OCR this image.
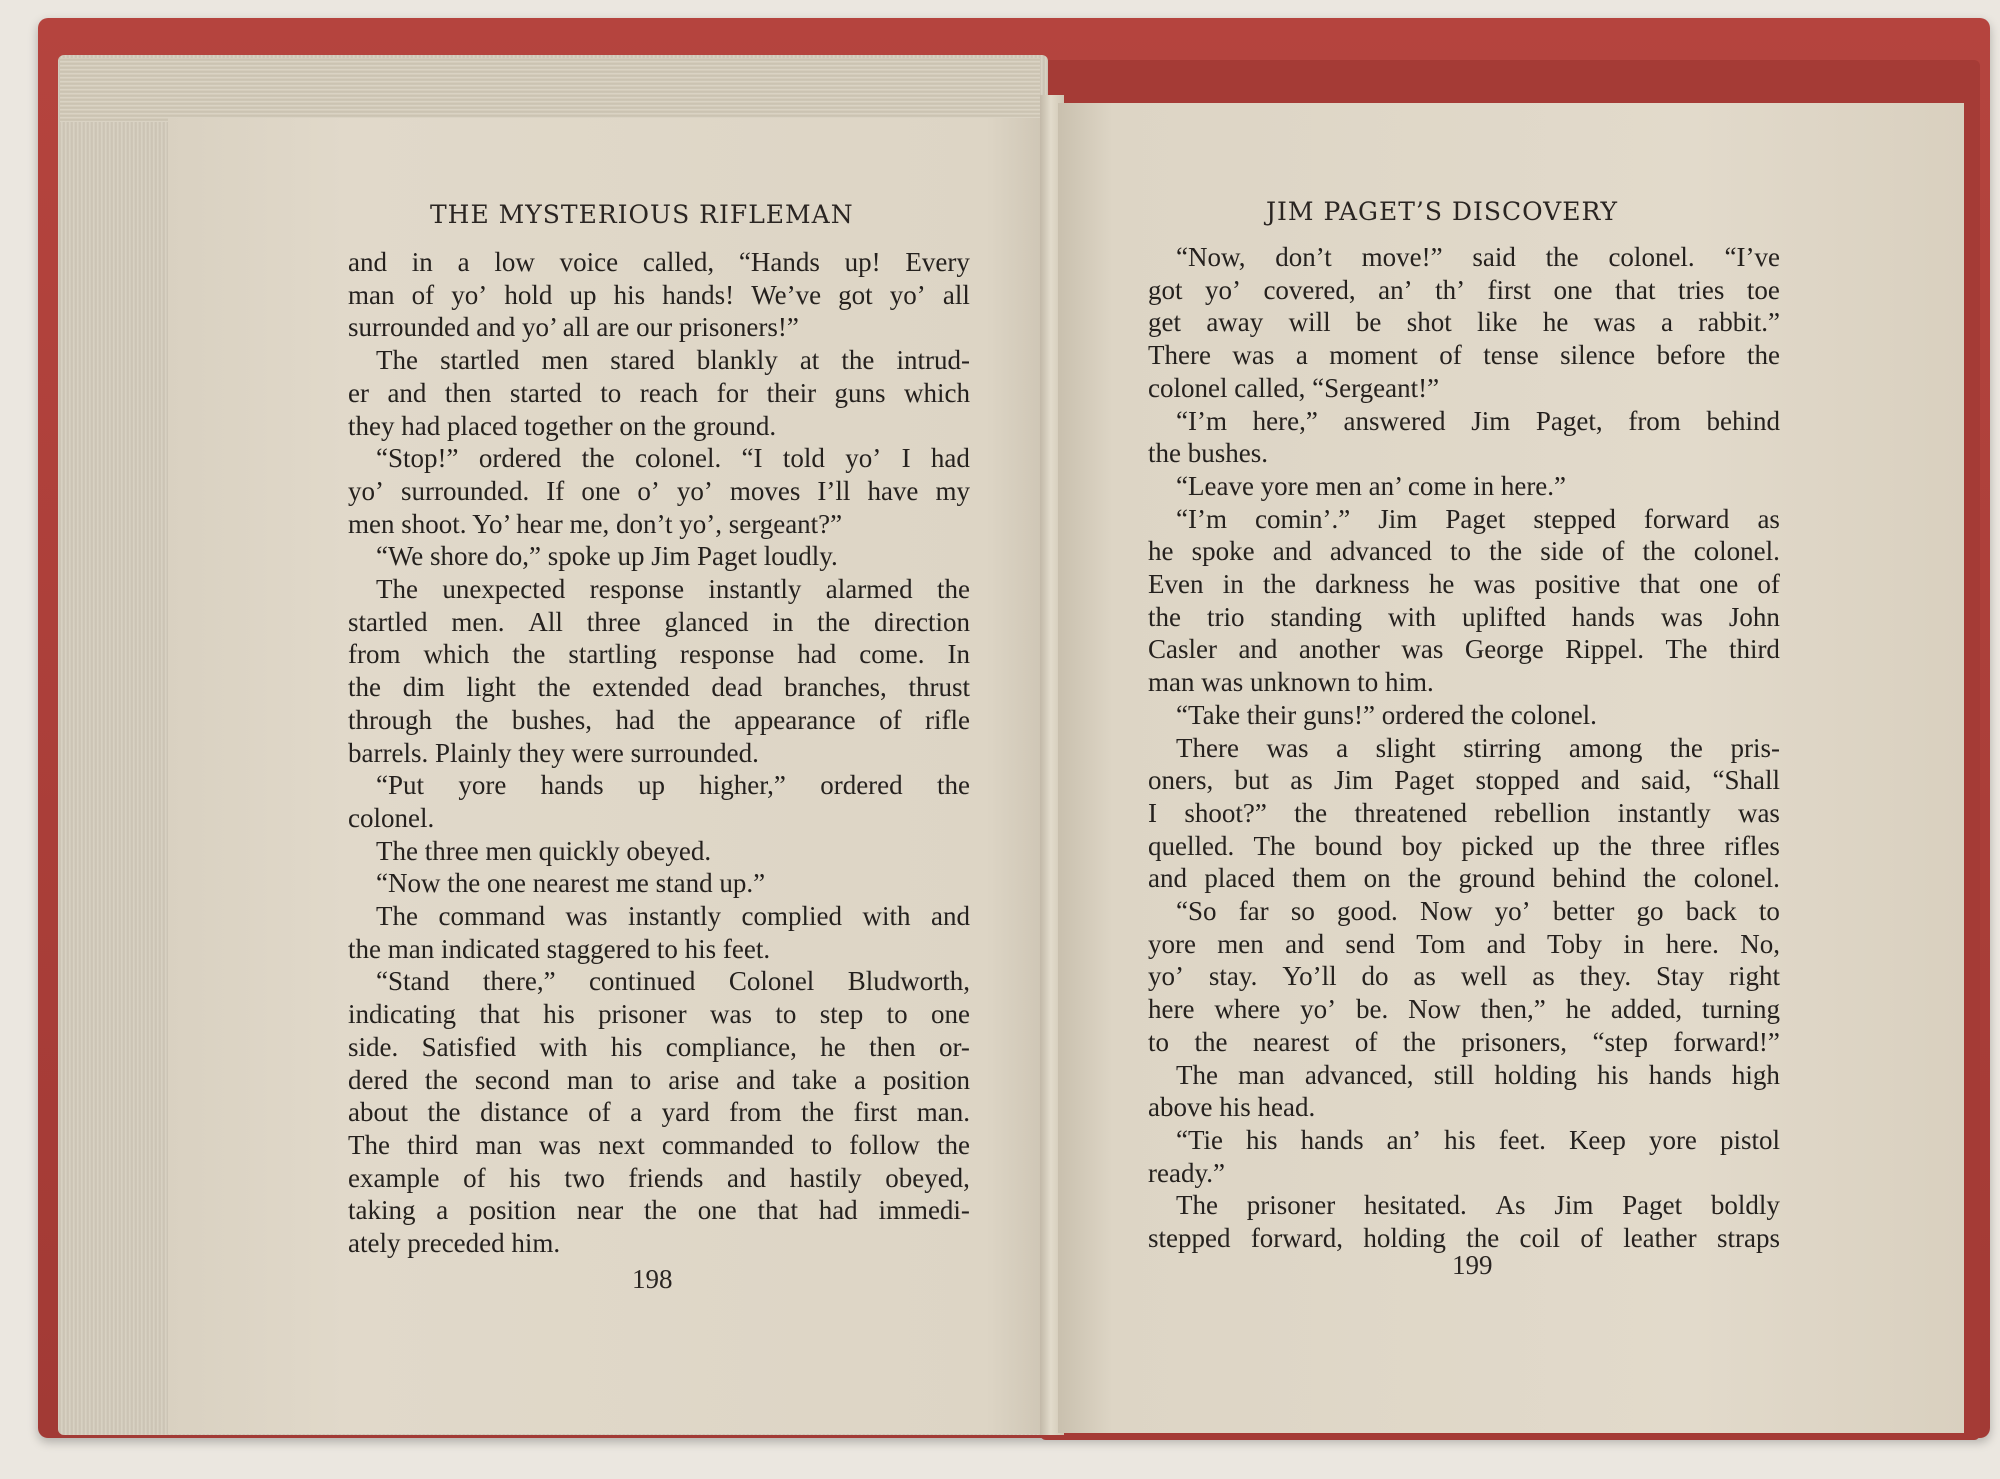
THE MYSTERIOUS RIFLEMAN
and in a low voice called, “Hands up! Every
man of yo’ hold up his hands! We’ve got yo’ all
surrounded and yo’ all are our prisoners!”
The startled men stared blankly at the intrud-
er and then started to reach for their guns which
they had placed together on the ground.
“Stop!” ordered the colonel. “I told yo’ I had
yo’ surrounded. If one o’ yo’ moves I’ll have my
men shoot. Yo’ hear me, don’t yo’, sergeant?”
“We shore do,” spoke up Jim Paget loudly.
The unexpected response instantly alarmed the
startled men. All three glanced in the direction
from which the startling response had come. In
the dim light the extended dead branches, thrust
through the bushes, had the appearance of rifle
barrels. Plainly they were surrounded.
“Put yore hands up higher,” ordered the
colonel.
The three men quickly obeyed.
“Now the one nearest me stand up.”
The command was instantly complied with and
the man indicated staggered to his feet.
“Stand there,” continued Colonel Bludworth,
indicating that his prisoner was to step to one
side. Satisfied with his compliance, he then or-
dered the second man to arise and take a position
about the distance of a yard from the first man.
The third man was next commanded to follow the
example of his two friends and hastily obeyed,
taking a position near the one that had immedi-
ately preceded him.
198
JIM PAGET’S DISCOVERY
“Now, don’t move!” said the colonel. “I’ve
got yo’ covered, an’ th’ first one that tries toe
get away will be shot like he was a rabbit.”
There was a moment of tense silence before the
colonel called, “Sergeant!”
“I’m here,” answered Jim Paget, from behind
the bushes.
“Leave yore men an’ come in here.”
“I’m comin’.” Jim Paget stepped forward as
he spoke and advanced to the side of the colonel.
Even in the darkness he was positive that one of
the trio standing with uplifted hands was John
Casler and another was George Rippel. The third
man was unknown to him.
“Take their guns!” ordered the colonel.
There was a slight stirring among the pris-
oners, but as Jim Paget stopped and said, “Shall
I shoot?” the threatened rebellion instantly was
quelled. The bound boy picked up the three rifles
and placed them on the ground behind the colonel.
“So far so good. Now yo’ better go back to
yore men and send Tom and Toby in here. No,
yo’ stay. Yo’ll do as well as they. Stay right
here where yo’ be. Now then,” he added, turning
to the nearest of the prisoners, “step forward!”
The man advanced, still holding his hands high
above his head.
“Tie his hands an’ his feet. Keep yore pistol
ready.”
The prisoner hesitated. As Jim Paget boldly
stepped forward, holding the coil of leather straps
199
